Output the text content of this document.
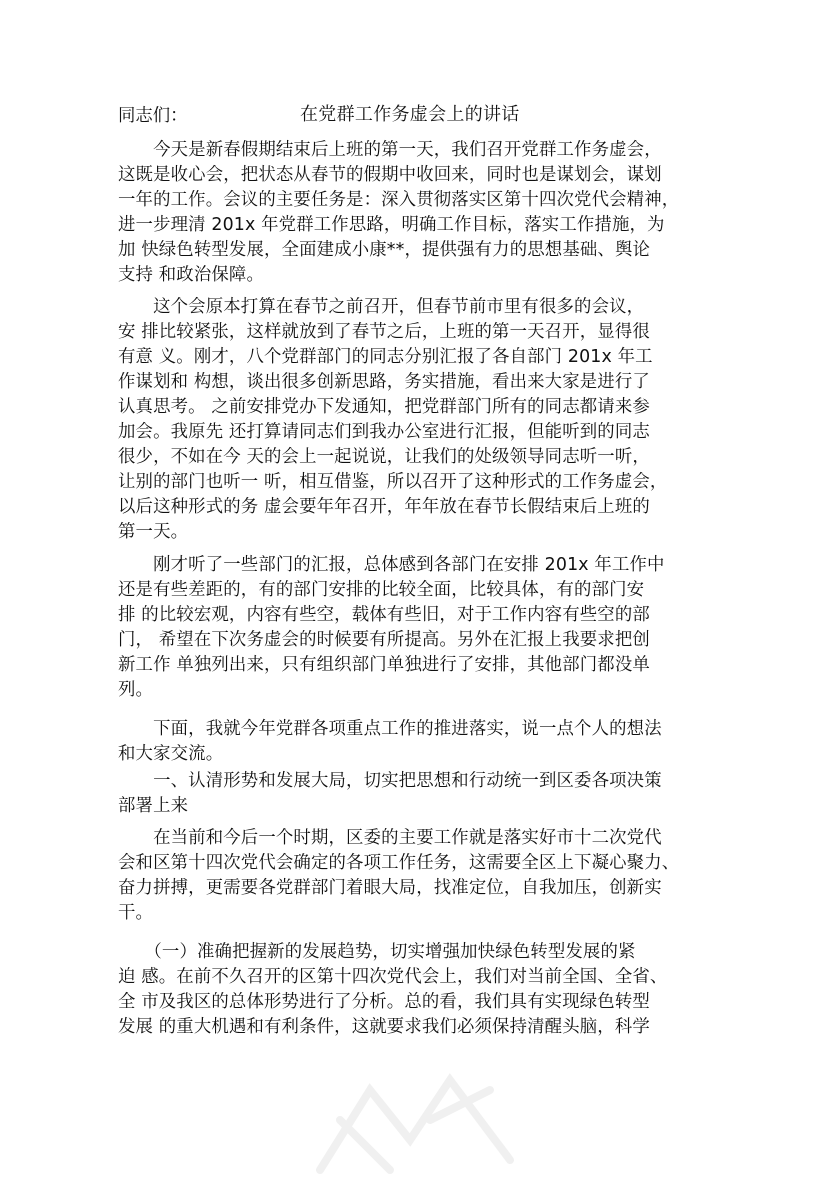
同志们：	在党群工作务虚会上的讲话
　　今天是新春假期结束后上班的第一天，我们召开党群工作务虚会，
这既是收心会，把状态从春节的假期中收回来，同时也是谋划会，谋划
一年的工作。会议的主要任务是：深入贯彻落实区第十四次党代会精神，
进一步理清 201x 年党群工作思路，明确工作目标，落实工作措施，为
加 快绿色转型发展，全面建成小康**，提供强有力的思想基础、舆论
支持 和政治保障。
　　这个会原本打算在春节之前召开，但春节前市里有很多的会议，
安 排比较紧张，这样就放到了春节之后，上班的第一天召开，显得很
有意 义。刚才，八个党群部门的同志分别汇报了各自部门 201x 年工
作谋划和 构想，谈出很多创新思路，务实措施，看出来大家是进行了
认真思考。 之前安排党办下发通知，把党群部门所有的同志都请来参
加会。我原先 还打算请同志们到我办公室进行汇报，但能听到的同志
很少，不如在今 天的会上一起说说，让我们的处级领导同志听一听，
让别的部门也听一 听，相互借鉴，所以召开了这种形式的工作务虚会，
以后这种形式的务 虚会要年年召开，年年放在春节长假结束后上班的
第一天。
　　刚才听了一些部门的汇报，总体感到各部门在安排 201x 年工作中
还是有些差距的，有的部门安排的比较全面，比较具体，有的部门安
排 的比较宏观，内容有些空，载体有些旧，对于工作内容有些空的部
门， 希望在下次务虚会的时候要有所提高。另外在汇报上我要求把创
新工作 单独列出来，只有组织部门单独进行了安排，其他部门都没单
列。
　　下面，我就今年党群各项重点工作的推进落实，说一点个人的想法
和大家交流。
　　一、认清形势和发展大局，切实把思想和行动统一到区委各项决策
部署上来
　　在当前和今后一个时期，区委的主要工作就是落实好市十二次党代
会和区第十四次党代会确定的各项工作任务，这需要全区上下凝心聚力、
奋力拼搏，更需要各党群部门着眼大局，找准定位，自我加压，创新实
干。
　　（一）准确把握新的发展趋势，切实增强加快绿色转型发展的紧
迫 感。在前不久召开的区第十四次党代会上，我们对当前全国、全省、
全 市及我区的总体形势进行了分析。总的看，我们具有实现绿色转型
发展 的重大机遇和有利条件，这就要求我们必须保持清醒头脑，科学
